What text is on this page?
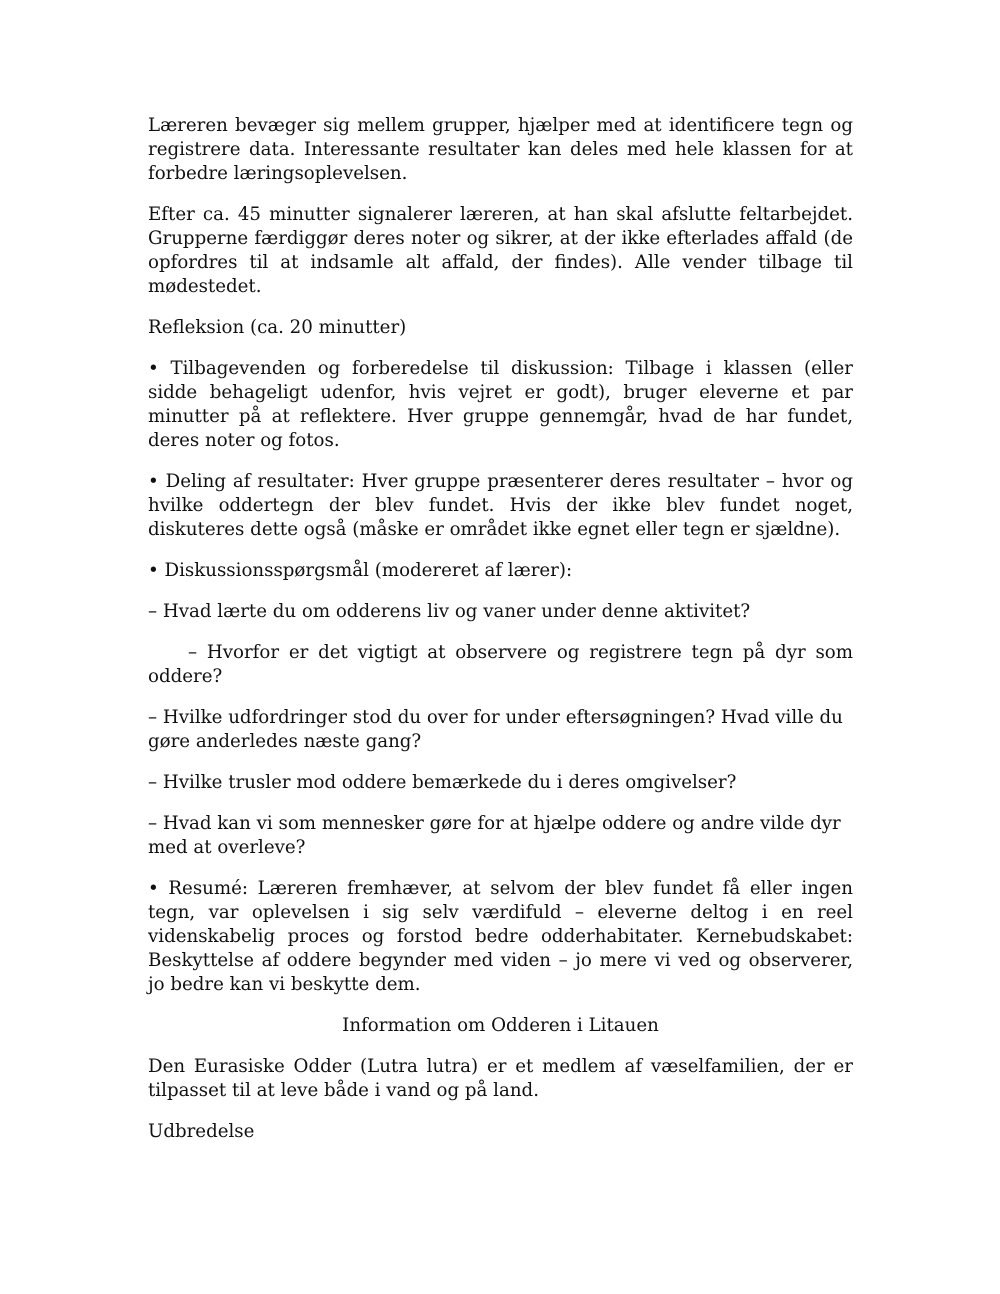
Læreren bevæger sig mellem grupper, hjælper med at identificere tegn og registrere data. Interessante resultater kan deles med hele klassen for at forbedre læringsoplevelsen.

Efter ca. 45 minutter signalerer læreren, at han skal afslutte feltarbejdet. Grupperne færdiggør deres noter og sikrer, at der ikke efterlades affald (de opfordres til at indsamle alt affald, der findes). Alle vender tilbage til mødestedet.

Refleksion (ca. 20 minutter)

• Tilbagevenden og forberedelse til diskussion: Tilbage i klassen (eller sidde behageligt udenfor, hvis vejret er godt), bruger eleverne et par minutter på at reflektere. Hver gruppe gennemgår, hvad de har fundet, deres noter og fotos.

• Deling af resultater: Hver gruppe præsenterer deres resultater – hvor og hvilke oddertegn der blev fundet. Hvis der ikke blev fundet noget, diskuteres dette også (måske er området ikke egnet eller tegn er sjældne).

• Diskussionsspørgsmål (modereret af lærer):

– Hvad lærte du om odderens liv og vaner under denne aktivitet?

– Hvorfor er det vigtigt at observere og registrere tegn på dyr som oddere?

– Hvilke udfordringer stod du over for under eftersøgningen? Hvad ville du gøre anderledes næste gang?

– Hvilke trusler mod oddere bemærkede du i deres omgivelser?

– Hvad kan vi som mennesker gøre for at hjælpe oddere og andre vilde dyr med at overleve?

• Resumé: Læreren fremhæver, at selvom der blev fundet få eller ingen tegn, var oplevelsen i sig selv værdifuld – eleverne deltog i en reel videnskabelig proces og forstod bedre odderhabitater. Kernebudskabet: Beskyttelse af oddere begynder med viden – jo mere vi ved og observerer, jo bedre kan vi beskytte dem.

Information om Odderen i Litauen

Den Eurasiske Odder (Lutra lutra) er et medlem af væselfamilien, der er tilpasset til at leve både i vand og på land.

Udbredelse
